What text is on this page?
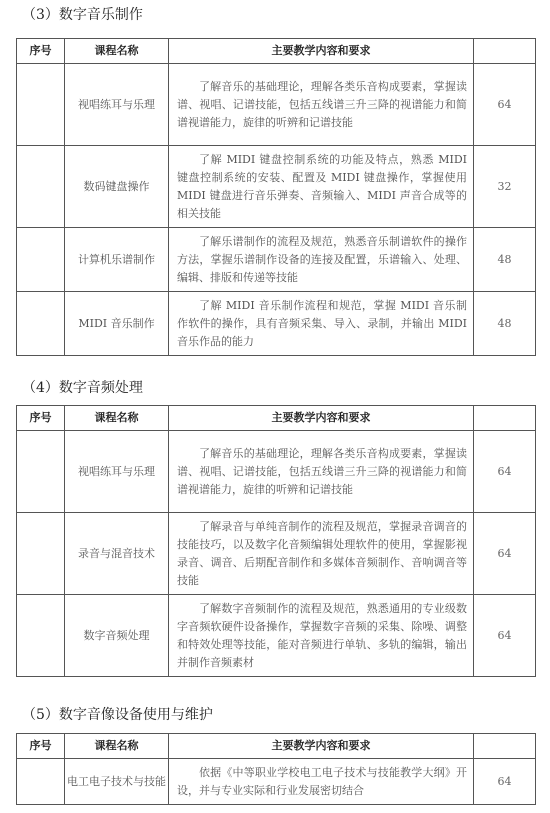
（3）数字音乐制作
序号	课程名称	主要教学内容和要求	
	视唱练耳与乐理	了解音乐的基础理论，理解各类乐音构成要素，掌握读谱、视唱、记谱技能，包括五线谱三升三降的视谱能力和简谱视谱能力，旋律的听辨和记谱技能	64
	数码键盘操作	了解 MIDI 键盘控制系统的功能及特点，熟悉 MIDI 键盘控制系统的安装、配置及 MIDI 键盘操作，掌握使用 MIDI 键盘进行音乐弹奏、音频输入、MIDI 声音合成等的相关技能	32
	计算机乐谱制作	了解乐谱制作的流程及规范，熟悉音乐制谱软件的操作方法，掌握乐谱制作设备的连接及配置，乐谱输入、处理、编辑、排版和传递等技能	48
	MIDI 音乐制作	了解 MIDI 音乐制作流程和规范，掌握 MIDI 音乐制作软件的操作，具有音频采集、导入、录制，并输出 MIDI 音乐作品的能力	48
（4）数字音频处理
序号	课程名称	主要教学内容和要求	
	视唱练耳与乐理	了解音乐的基础理论，理解各类乐音构成要素，掌握读谱、视唱、记谱技能，包括五线谱三升三降的视谱能力和简谱视谱能力，旋律的听辨和记谱技能	64
	录音与混音技术	了解录音与单纯音制作的流程及规范，掌握录音调音的技能技巧，以及数字化音频编辑处理软件的使用，掌握影视录音、调音、后期配音制作和多媒体音频制作、音响调音等技能	64
	数字音频处理	了解数字音频制作的流程及规范，熟悉通用的专业级数字音频软硬件设备操作，掌握数字音频的采集、除噪、调整和特效处理等技能，能对音频进行单轨、多轨的编辑，输出并制作音频素材	64
（5）数字音像设备使用与维护
序号	课程名称	主要教学内容和要求	
	电工电子技术与技能	依据《中等职业学校电工电子技术与技能教学大纲》开设，并与专业实际和行业发展密切结合	64
